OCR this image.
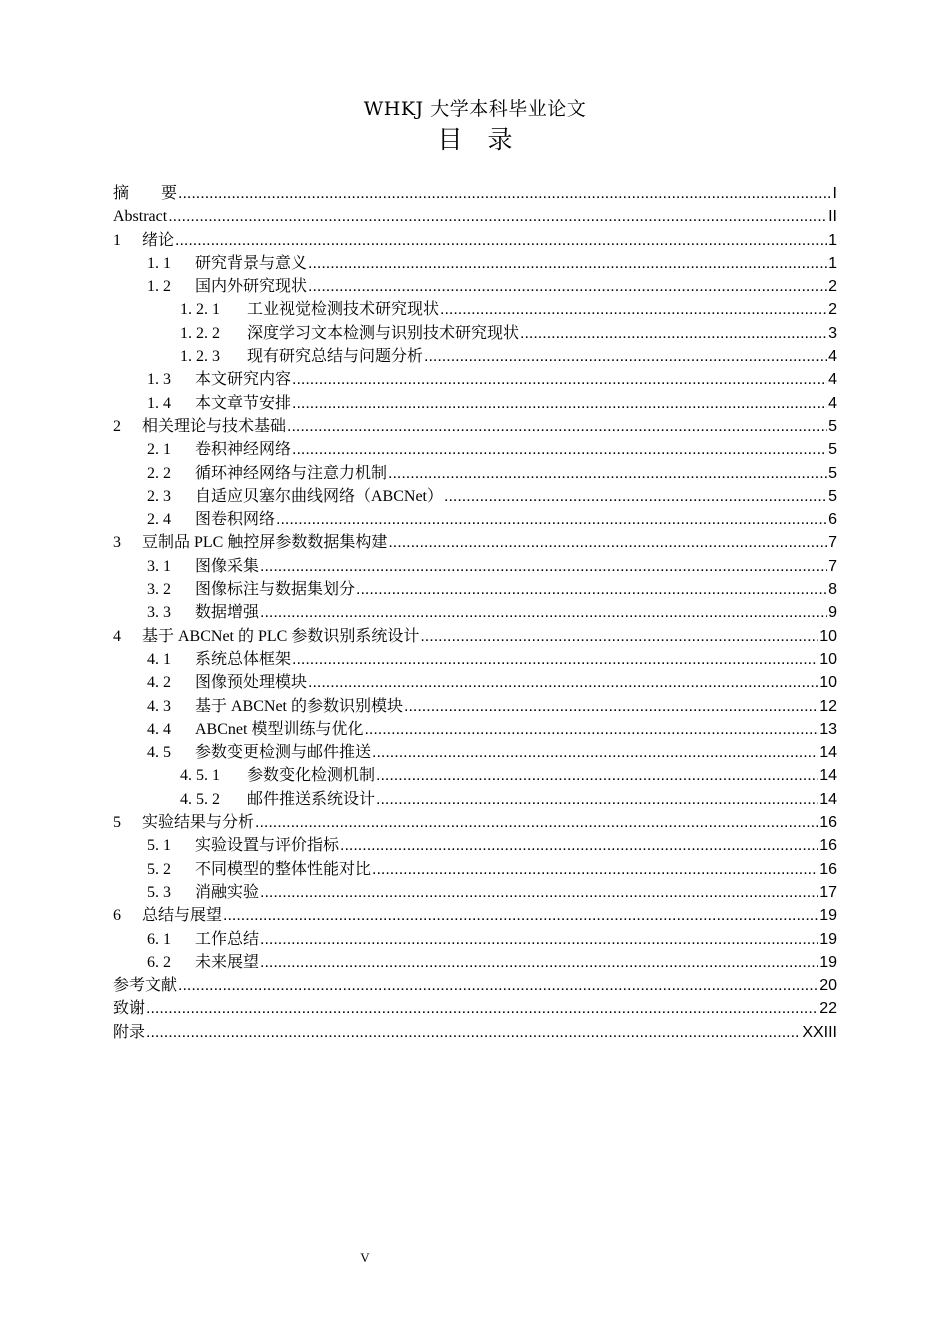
WHKJ 大学本科毕业论文
目　录
摘　　要 .....	I
Abstract .....	II
1	绪论 .....	1
1. 1	研究背景与意义 .....	1
1. 2	国内外研究现状 .....	2
1. 2. 1	工业视觉检测技术研究现状 .....	2
1. 2. 2	深度学习文本检测与识别技术研究现状 .....	3
1. 2. 3	现有研究总结与问题分析 .....	4
1. 3	本文研究内容 .....	4
1. 4	本文章节安排 .....	4
2	相关理论与技术基础 .....	5
2. 1	卷积神经网络 .....	5
2. 2	循环神经网络与注意力机制 .....	5
2. 3	自适应贝塞尔曲线网络（ABCNet） .....	5
2. 4	图卷积网络 .....	6
3	豆制品 PLC 触控屏参数数据集构建 .....	7
3. 1	图像采集 .....	7
3. 2	图像标注与数据集划分 .....	8
3. 3	数据增强 .....	9
4	基于 ABCNet 的 PLC 参数识别系统设计 .....	10
4. 1	系统总体框架 .....	10
4. 2	图像预处理模块 .....	10
4. 3	基于 ABCNet 的参数识别模块 .....	12
4. 4	ABCnet 模型训练与优化 .....	13
4. 5	参数变更检测与邮件推送 .....	14
4. 5. 1	参数变化检测机制 .....	14
4. 5. 2	邮件推送系统设计 .....	14
5	实验结果与分析 .....	16
5. 1	实验设置与评价指标 .....	16
5. 2	不同模型的整体性能对比 .....	16
5. 3	消融实验 .....	17
6	总结与展望 .....	19
6. 1	工作总结 .....	19
6. 2	未来展望 .....	19
参考文献 .....	20
致谢 .....	22
附录 .....	XXIII
V
